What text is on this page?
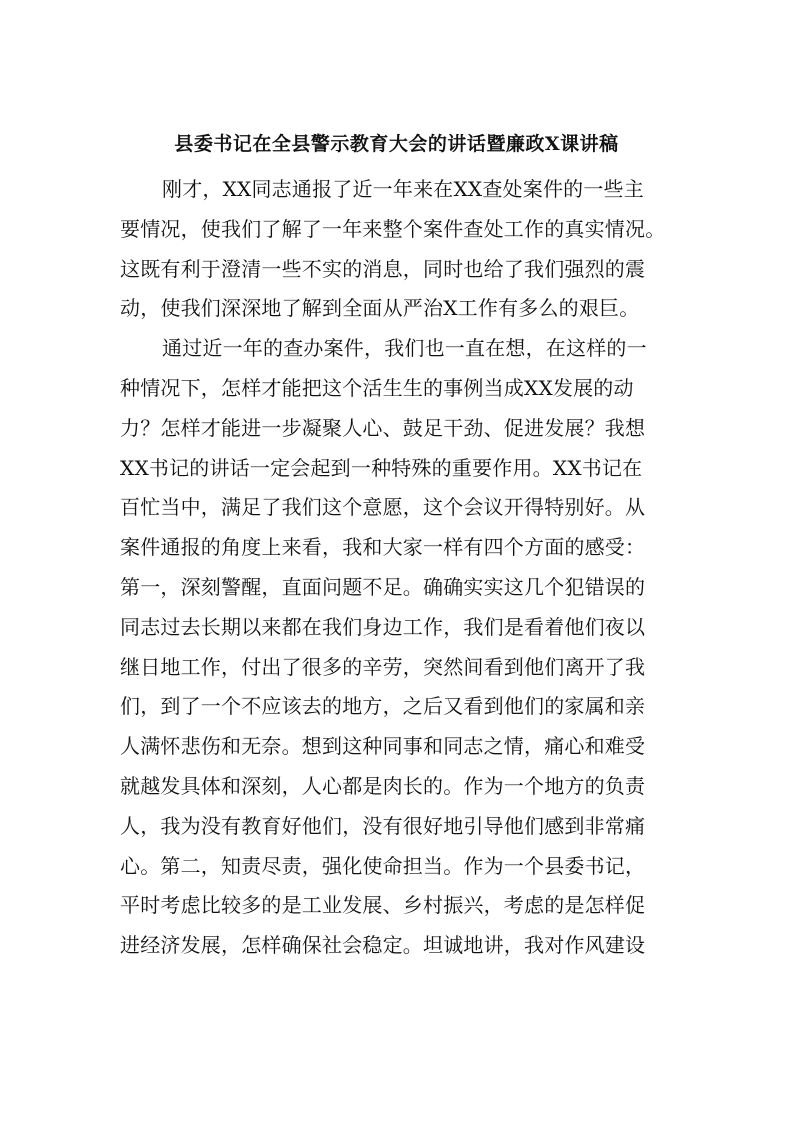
县委书记在全县警示教育大会的讲话暨廉政X课讲稿
刚才，XX同志通报了近一年来在XX查处案件的一些主
要情况，使我们了解了一年来整个案件查处工作的真实情况。
这既有利于澄清一些不实的消息，同时也给了我们强烈的震
动，使我们深深地了解到全面从严治X工作有多么的艰巨。
通过近一年的查办案件，我们也一直在想，在这样的一
种情况下，怎样才能把这个活生生的事例当成XX发展的动
力？怎样才能进一步凝聚人心、鼓足干劲、促进发展？我想
XX书记的讲话一定会起到一种特殊的重要作用。XX书记在
百忙当中，满足了我们这个意愿，这个会议开得特别好。从
案件通报的角度上来看，我和大家一样有四个方面的感受：
第一，深刻警醒，直面问题不足。确确实实这几个犯错误的
同志过去长期以来都在我们身边工作，我们是看着他们夜以
继日地工作，付出了很多的辛劳，突然间看到他们离开了我
们，到了一个不应该去的地方，之后又看到他们的家属和亲
人满怀悲伤和无奈。想到这种同事和同志之情，痛心和难受
就越发具体和深刻，人心都是肉长的。作为一个地方的负责
人，我为没有教育好他们，没有很好地引导他们感到非常痛
心。第二，知责尽责，强化使命担当。作为一个县委书记，
平时考虑比较多的是工业发展、乡村振兴，考虑的是怎样促
进经济发展，怎样确保社会稳定。坦诚地讲，我对作风建设
